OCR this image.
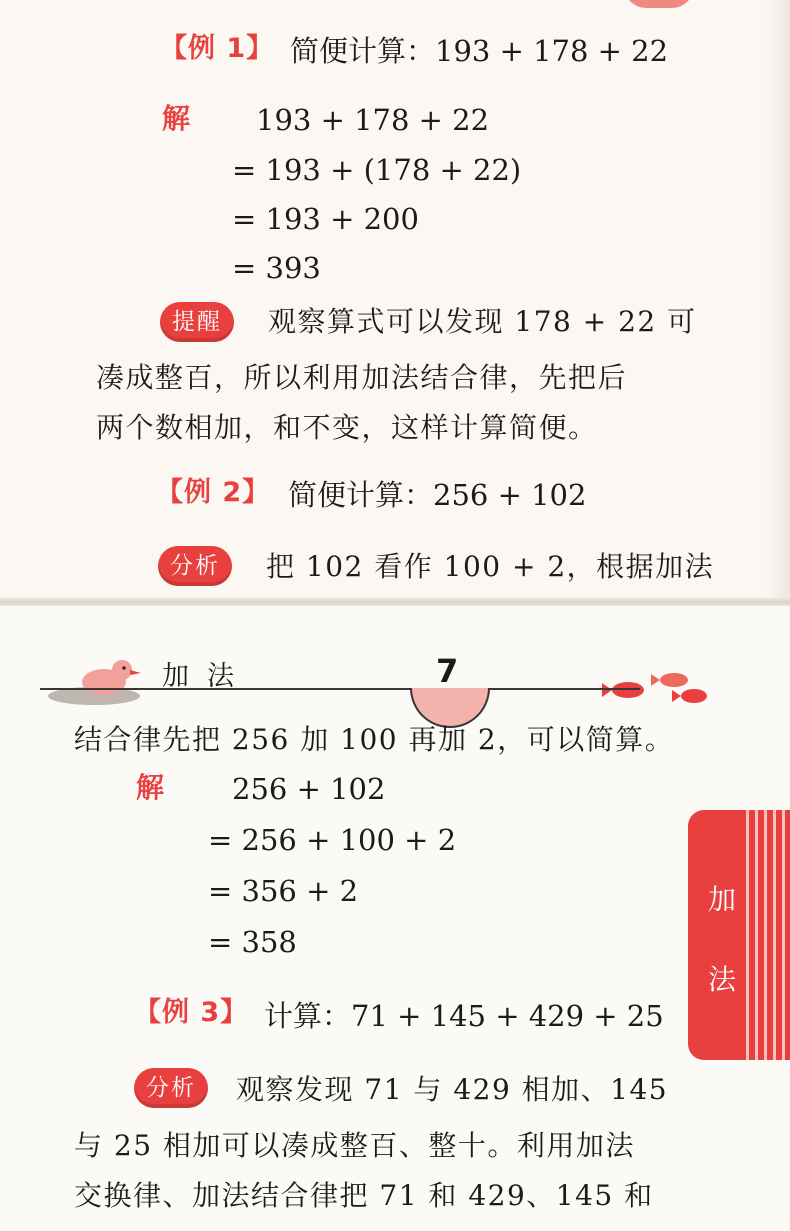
【例 1】 简便计算：193 + 178 + 22
解 193 + 178 + 22
= 193 + (178 + 22)
= 193 + 200
= 393
提醒	观察算式可以发现 178 + 22 可
凑成整百，所以利用加法结合律，先把后
两个数相加，和不变，这样计算简便。
【例 2】 简便计算：256 + 102
分析	把 102 看作 100 + 2，根据加法
加法	7
加
法
结合律先把 256 加 100 再加 2，可以简算。
解 256 + 102
= 256 + 100 + 2
= 356 + 2
= 358
【例 3】 计算：71 + 145 + 429 + 25
分析	观察发现 71 与 429 相加、145
与 25 相加可以凑成整百、整十。利用加法
交换律、加法结合律把 71 和 429、145 和
